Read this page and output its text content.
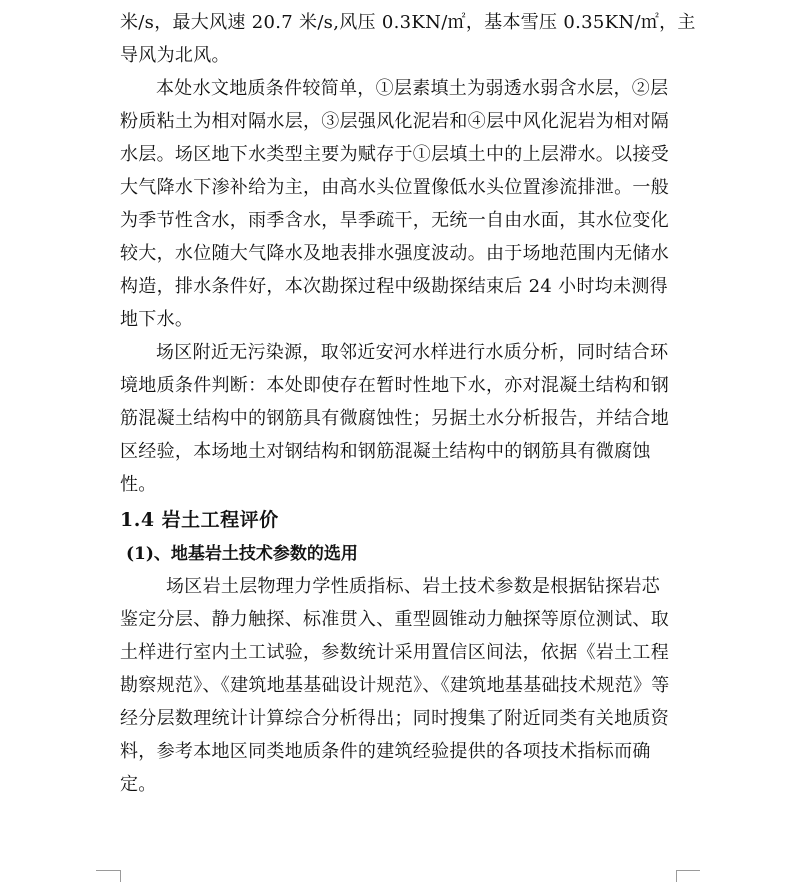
米/s，最大风速 20.7 米/s,风压 0.3KN/㎡，基本雪压 0.35KN/㎡，主
导风为北风。

本处水文地质条件较简单，①层素填土为弱透水弱含水层，②层
粉质粘土为相对隔水层，③层强风化泥岩和④层中风化泥岩为相对隔
水层。场区地下水类型主要为赋存于①层填土中的上层滞水。以接受
大气降水下渗补给为主，由高水头位置像低水头位置渗流排泄。一般
为季节性含水，雨季含水，旱季疏干，无统一自由水面，其水位变化
较大，水位随大气降水及地表排水强度波动。由于场地范围内无储水
构造，排水条件好，本次勘探过程中级勘探结束后 24 小时均未测得
地下水。

场区附近无污染源，取邻近安河水样进行水质分析，同时结合环
境地质条件判断：本处即使存在暂时性地下水，亦对混凝土结构和钢
筋混凝土结构中的钢筋具有微腐蚀性；另据土水分析报告，并结合地
区经验，本场地土对钢结构和钢筋混凝土结构中的钢筋具有微腐蚀
性。

1.4 岩土工程评价
(1)、地基岩土技术参数的选用

场区岩土层物理力学性质指标、岩土技术参数是根据钻探岩芯
鉴定分层、静力触探、标准贯入、重型圆锥动力触探等原位测试、取
土样进行室内土工试验，参数统计采用置信区间法，依据《岩土工程
勘察规范》、《建筑地基基础设计规范》、《建筑地基基础技术规范》等
经分层数理统计计算综合分析得出；同时搜集了附近同类有关地质资
料，参考本地区同类地质条件的建筑经验提供的各项技术指标而确
定。
